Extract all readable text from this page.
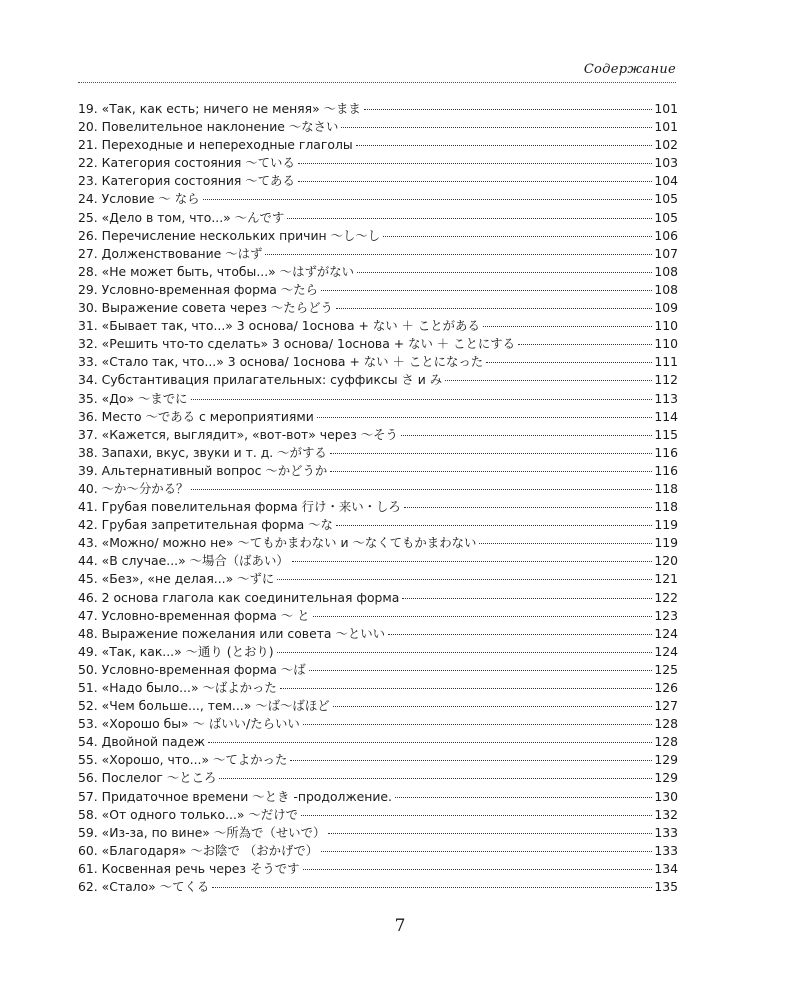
Содержание
19. «Так, как есть; ничего не меняя» ～まま	101
20. Повелительное наклонение ～なさい	101
21. Переходные и непереходные глаголы	102
22. Категория состояния ～ている	103
23. Категория состояния ～てある	104
24. Условие ～ なら	105
25. «Дело в том, что...» ～んです	105
26. Перечисление нескольких причин ～し～し	106
27. Долженствование ～はず	107
28. «Не может быть, чтобы...» ～はずがない	108
29. Условно-временная форма ～たら	108
30. Выражение совета через ～たらどう	109
31. «Бывает так, что...» 3 основа/ 1основа + ない ＋ ことがある	110
32. «Решить что-то сделать» 3 основа/ 1основа + ない ＋ ことにする	110
33. «Стало так, что...» 3 основа/ 1основа + ない ＋ ことになった	111
34. Субстантивация прилагательных: суффиксы さ и み	112
35. «До» ～までに	113
36. Место ～である с мероприятиями	114
37. «Кажется, выглядит», «вот-вот» через ～そう	115
38. Запахи, вкус, звуки и т. д. ～がする	116
39. Альтернативный вопрос ～かどうか	116
40. ～か～分かる？	118
41. Грубая повелительная форма 行け・来い・しろ	118
42. Грубая запретительная форма ～な	119
43. «Можно/ можно не» ～てもかまわない и ～なくてもかまわない	119
44. «В случае...» ～場合（ばあい）	120
45. «Без», «не делая...» ～ずに	121
46. 2 основа глагола как соединительная форма	122
47. Условно-временная форма ～ と	123
48. Выражение пожелания или совета ～といい	124
49. «Так, как...» ～通り (とおり)	124
50. Условно-временная форма ～ば	125
51. «Надо было...» ～ばよかった	126
52. «Чем больше..., тем...» ～ば～ばほど	127
53. «Хорошо бы» ～ ばいい/たらいい	128
54. Двойной падеж	128
55. «Хорошо, что...» ～てよかった	129
56. Послелог ～ところ	129
57. Придаточное времени ～とき -продолжение.	130
58. «От одного только...» ～だけで	132
59. «Из-за, по вине» ～所為で（せいで）	133
60. «Благодаря» ～お陰で （おかげで）	133
61. Косвенная речь через そうです	134
62. «Стало» ～てくる	135
7
